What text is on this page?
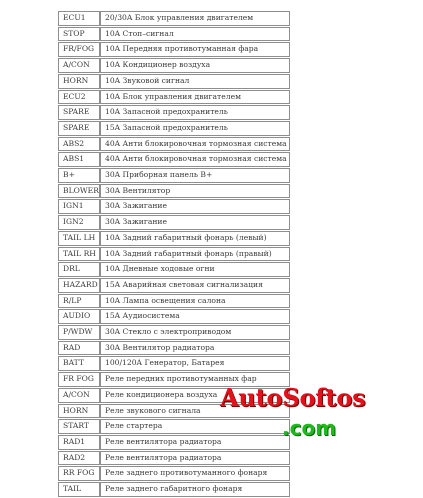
ECU1	20/30A Блок управления двигателем
STOP	10A Стоп–сигнал
FR/FOG	10A Передняя противотуманная фара
A/CON	10A Кондиционер воздуха
HORN	10A Звуковой сигнал
ECU2	10A Блок управления двигателем
SPARE	10A Запасной предохранитель
SPARE	15A Запасной предохранитель
ABS2	40A Анти блокировочная тормозная система
ABS1	40A Анти блокировочная тормозная система
B+	30A Приборная панель B+
BLOWER	30A Вентилятор
IGN1	30A Зажигание
IGN2	30A Зажигание
TAIL LH	10A Задний габаритный фонарь (левый)
TAIL RH	10A Задний габаритный фонарь (правый)
DRL	10A Дневные ходовые огни
HAZARD	15A Аварийная световая сигнализация
R/LP	10A Лампа освещения салона
AUDIO	15A Аудиосистема
P/WDW	30A Стекло с электроприводом
RAD	30A Вентилятор радиатора
BATT	100/120A Генератор, Батарея
FR FOG	Реле передних противотуманных фар
A/CON	Реле кондиционера воздуха
HORN	Реле звукового сигнала
START	Реле стартера
RAD1	Реле вентилятора радиатора
RAD2	Реле вентилятора радиатора
RR FOG	Реле заднего противотуманного фонаря
TAIL	Реле заднего габаритного фонаря
AutoSoftos
.com
